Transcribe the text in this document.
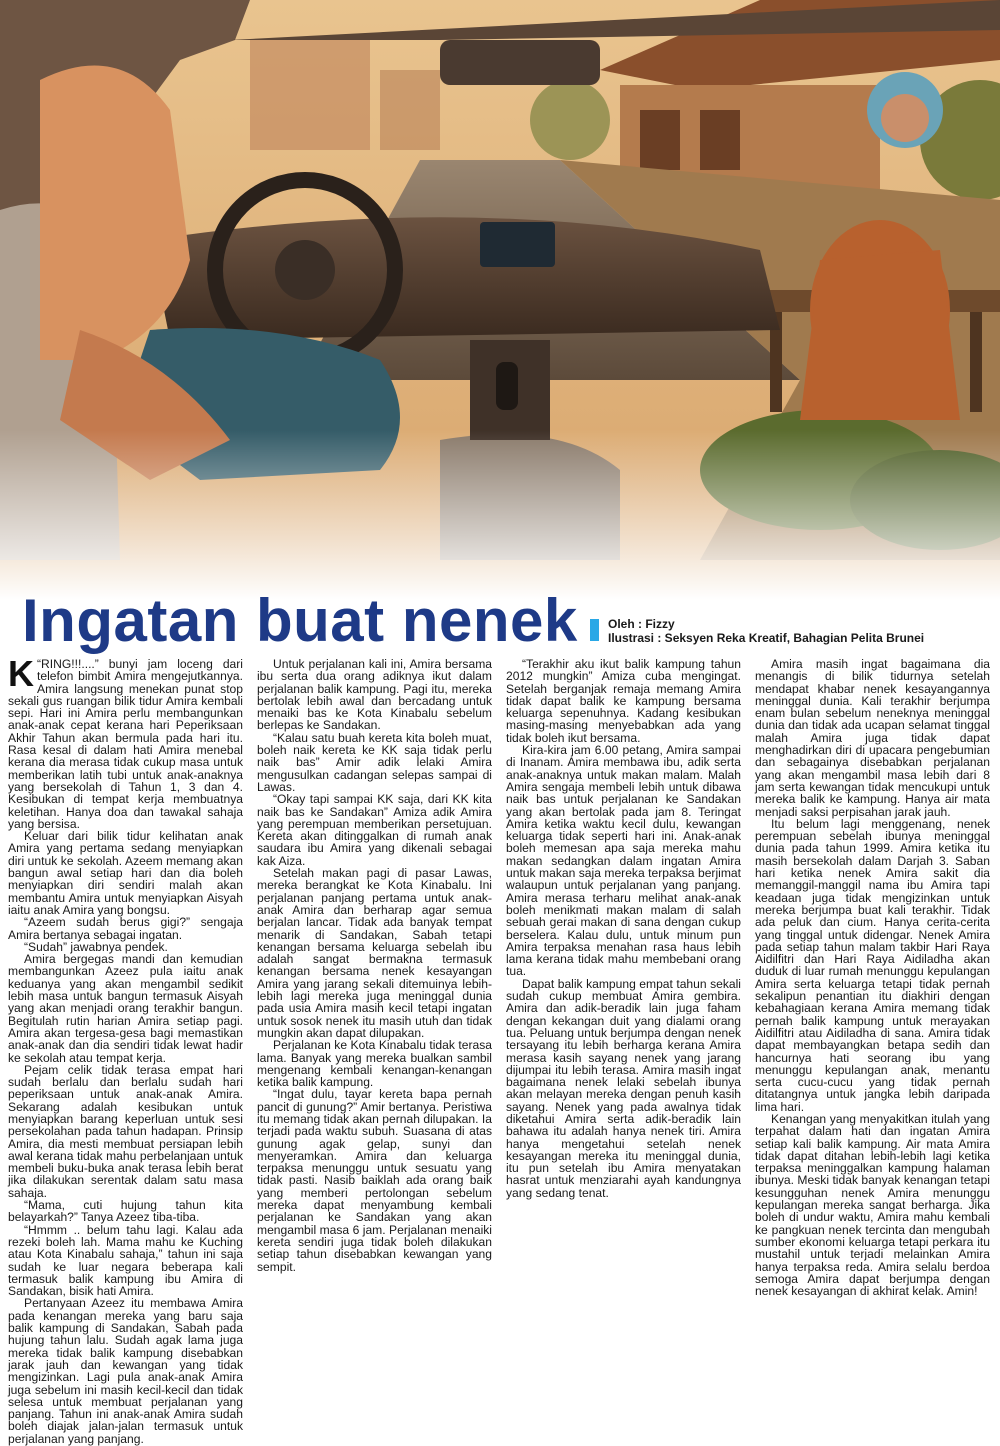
Ingatan buat nenek	Oleh : Fizzy
Ilustrasi : Seksyen Reka Kreatif, Bahagian Pelita Brunei

“
K RING!!!....” bunyi jam loceng dari telefon bimbit Amira mengejutkannya. Amira langsung menekan punat stop sekali gus ruangan bilik tidur Amira kembali sepi. Hari ini Amira perlu membangunkan anak-anak cepat kerana hari Peperiksaan Akhir Tahun akan bermula pada hari itu. Rasa kesal di dalam hati Amira menebal kerana dia merasa tidak cukup masa untuk memberikan latih tubi untuk anak-anaknya yang bersekolah di Tahun 1, 3 dan 4. Kesibukan di tempat kerja membuatnya keletihan. Hanya doa dan tawakal sahaja yang bersisa.

Keluar dari bilik tidur kelihatan anak Amira yang pertama sedang menyiapkan diri untuk ke sekolah. Azeem memang akan bangun awal setiap hari dan dia boleh menyiapkan diri sendiri malah akan membantu Amira untuk menyiapkan Aisyah iaitu anak Amira yang bongsu.

“Azeem sudah berus gigi?” sengaja Amira bertanya sebagai ingatan.

“Sudah” jawabnya pendek.

Amira bergegas mandi dan kemudian membangunkan Azeez pula iaitu anak keduanya yang akan mengambil sedikit lebih masa untuk bangun termasuk Aisyah yang akan menjadi orang terakhir bangun. Begitulah rutin harian Amira setiap pagi. Amira akan tergesa-gesa bagi memastikan anak-anak dan dia sendiri tidak lewat hadir ke sekolah atau tempat kerja.

Pejam celik tidak terasa empat hari sudah berlalu dan berlalu sudah hari peperiksaan untuk anak-anak Amira. Sekarang adalah kesibukan untuk menyiapkan barang keperluan untuk sesi persekolahan pada tahun hadapan. Prinsip Amira, dia mesti membuat persiapan lebih awal kerana tidak mahu perbelanjaan untuk membeli buku-buka anak terasa lebih berat jika dilakukan serentak dalam satu masa sahaja.

“Mama, cuti hujung tahun kita belayarkah?” Tanya Azeez tiba-tiba.

“Hmmm .. belum tahu lagi. Kalau ada rezeki boleh lah. Mama mahu ke Kuching atau Kota Kinabalu sahaja,” tahun ini saja sudah ke luar negara beberapa kali termasuk balik kampung ibu Amira di Sandakan, bisik hati Amira.

Pertanyaan Azeez itu membawa Amira pada kenangan mereka yang baru saja balik kampung di Sandakan, Sabah pada hujung tahun lalu. Sudah agak lama juga mereka tidak balik kampung disebabkan jarak jauh dan kewangan yang tidak mengizinkan. Lagi pula anak-anak Amira juga sebelum ini masih kecil-kecil dan tidak selesa untuk membuat perjalanan yang panjang. Tahun ini anak-anak Amira sudah boleh diajak jalan-jalan termasuk untuk perjalanan yang panjang.

Untuk perjalanan kali ini, Amira bersama ibu serta dua orang adiknya ikut dalam perjalanan balik kampung. Pagi itu, mereka bertolak lebih awal dan bercadang untuk menaiki bas ke Kota Kinabalu sebelum berlepas ke Sandakan.

“Kalau satu buah kereta kita boleh muat, boleh naik kereta ke KK saja tidak perlu naik bas” Amir adik lelaki Amira mengusulkan cadangan selepas sampai di Lawas.

“Okay tapi sampai KK saja, dari KK kita naik bas ke Sandakan” Amiza adik Amira yang perempuan memberikan persetujuan. Kereta akan ditinggalkan di rumah anak saudara ibu Amira yang dikenali sebagai kak Aiza.

Setelah makan pagi di pasar Lawas, mereka berangkat ke Kota Kinabalu. Ini perjalanan panjang pertama untuk anak-anak Amira dan berharap agar semua berjalan lancar. Tidak ada banyak tempat menarik di Sandakan, Sabah tetapi kenangan bersama keluarga sebelah ibu adalah sangat bermakna termasuk kenangan bersama nenek kesayangan Amira yang jarang sekali ditemuinya lebih-lebih lagi mereka juga meninggal dunia pada usia Amira masih kecil tetapi ingatan untuk sosok nenek itu masih utuh dan tidak mungkin akan dapat dilupakan.

Perjalanan ke Kota Kinabalu tidak terasa lama. Banyak yang mereka bualkan sambil mengenang kembali kenangan-kenangan ketika balik kampung.

“Ingat dulu, tayar kereta bapa pernah pancit di gunung?” Amir bertanya. Peristiwa itu memang tidak akan pernah dilupakan. Ia terjadi pada waktu subuh. Suasana di atas gunung agak gelap, sunyi dan menyeramkan. Amira dan keluarga terpaksa menunggu untuk sesuatu yang tidak pasti. Nasib baiklah ada orang baik yang memberi pertolongan sebelum mereka dapat menyambung kembali perjalanan ke Sandakan yang akan mengambil masa 6 jam. Perjalanan menaiki kereta sendiri juga tidak boleh dilakukan setiap tahun disebabkan kewangan yang sempit.

“Terakhir aku ikut balik kampung tahun 2012 mungkin” Amiza cuba mengingat. Setelah berganjak remaja memang Amira tidak dapat balik ke kampung bersama keluarga sepenuhnya. Kadang kesibukan masing-masing menyebabkan ada yang tidak boleh ikut bersama.

Kira-kira jam 6.00 petang, Amira sampai di Inanam. Amira membawa ibu, adik serta anak-anaknya untuk makan malam. Malah Amira sengaja membeli lebih untuk dibawa naik bas untuk perjalanan ke Sandakan yang akan bertolak pada jam 8. Teringat Amira ketika waktu kecil dulu, kewangan keluarga tidak seperti hari ini. Anak-anak boleh memesan apa saja mereka mahu makan sedangkan dalam ingatan Amira untuk makan saja mereka terpaksa berjimat walaupun untuk perjalanan yang panjang. Amira merasa terharu melihat anak-anak boleh menikmati makan malam di salah sebuah gerai makan di sana dengan cukup berselera. Kalau dulu, untuk minum pun Amira terpaksa menahan rasa haus lebih lama kerana tidak mahu membebani orang tua.

Dapat balik kampung empat tahun sekali sudah cukup membuat Amira gembira. Amira dan adik-beradik lain juga faham dengan kekangan duit yang dialami orang tua. Peluang untuk berjumpa dengan nenek tersayang itu lebih berharga kerana Amira merasa kasih sayang nenek yang jarang dijumpai itu lebih terasa. Amira masih ingat bagaimana nenek lelaki sebelah ibunya akan melayan mereka dengan penuh kasih sayang. Nenek yang pada awalnya tidak diketahui Amira serta adik-beradik lain bahawa itu adalah hanya nenek tiri. Amira hanya mengetahui setelah nenek kesayangan mereka itu meninggal dunia, itu pun setelah ibu Amira menyatakan hasrat untuk menziarahi ayah kandungnya yang sedang tenat.

Amira masih ingat bagaimana dia menangis di bilik tidurnya setelah mendapat khabar nenek kesayangannya meninggal dunia. Kali terakhir berjumpa enam bulan sebelum neneknya meninggal dunia dan tidak ada ucapan selamat tinggal malah Amira juga tidak dapat menghadirkan diri di upacara pengebumian dan sebagainya disebabkan perjalanan yang akan mengambil masa lebih dari 8 jam serta kewangan tidak mencukupi untuk mereka balik ke kampung. Hanya air mata menjadi saksi perpisahan jarak jauh.

Itu belum lagi menggenang, nenek perempuan sebelah ibunya meninggal dunia pada tahun 1999. Amira ketika itu masih bersekolah dalam Darjah 3. Saban hari ketika nenek Amira sakit dia memanggil-manggil nama ibu Amira tapi keadaan juga tidak mengizinkan untuk mereka berjumpa buat kali terakhir. Tidak ada peluk dan cium. Hanya cerita-cerita yang tinggal untuk didengar. Nenek Amira pada setiap tahun malam takbir Hari Raya Aidilfitri dan Hari Raya Aidiladha akan duduk di luar rumah menunggu kepulangan Amira serta keluarga tetapi tidak pernah sekalipun penantian itu diakhiri dengan kebahagiaan kerana Amira memang tidak pernah balik kampung untuk merayakan Aidilfitri atau Aidiladha di sana. Amira tidak dapat membayangkan betapa sedih dan hancurnya hati seorang ibu yang menunggu kepulangan anak, menantu serta cucu-cucu yang tidak pernah ditatangnya untuk jangka lebih daripada lima hari.

Kenangan yang menyakitkan itulah yang terpahat dalam hati dan ingatan Amira setiap kali balik kampung. Air mata Amira tidak dapat ditahan lebih-lebih lagi ketika terpaksa meninggalkan kampung halaman ibunya. Meski tidak banyak kenangan tetapi kesungguhan nenek Amira menunggu kepulangan mereka sangat berharga. Jika boleh di undur waktu, Amira mahu kembali ke pangkuan nenek tercinta dan mengubah sumber ekonomi keluarga tetapi perkara itu mustahil untuk terjadi melainkan Amira hanya terpaksa reda. Amira selalu berdoa semoga Amira dapat berjumpa dengan nenek kesayangan di akhirat kelak. Amin!
